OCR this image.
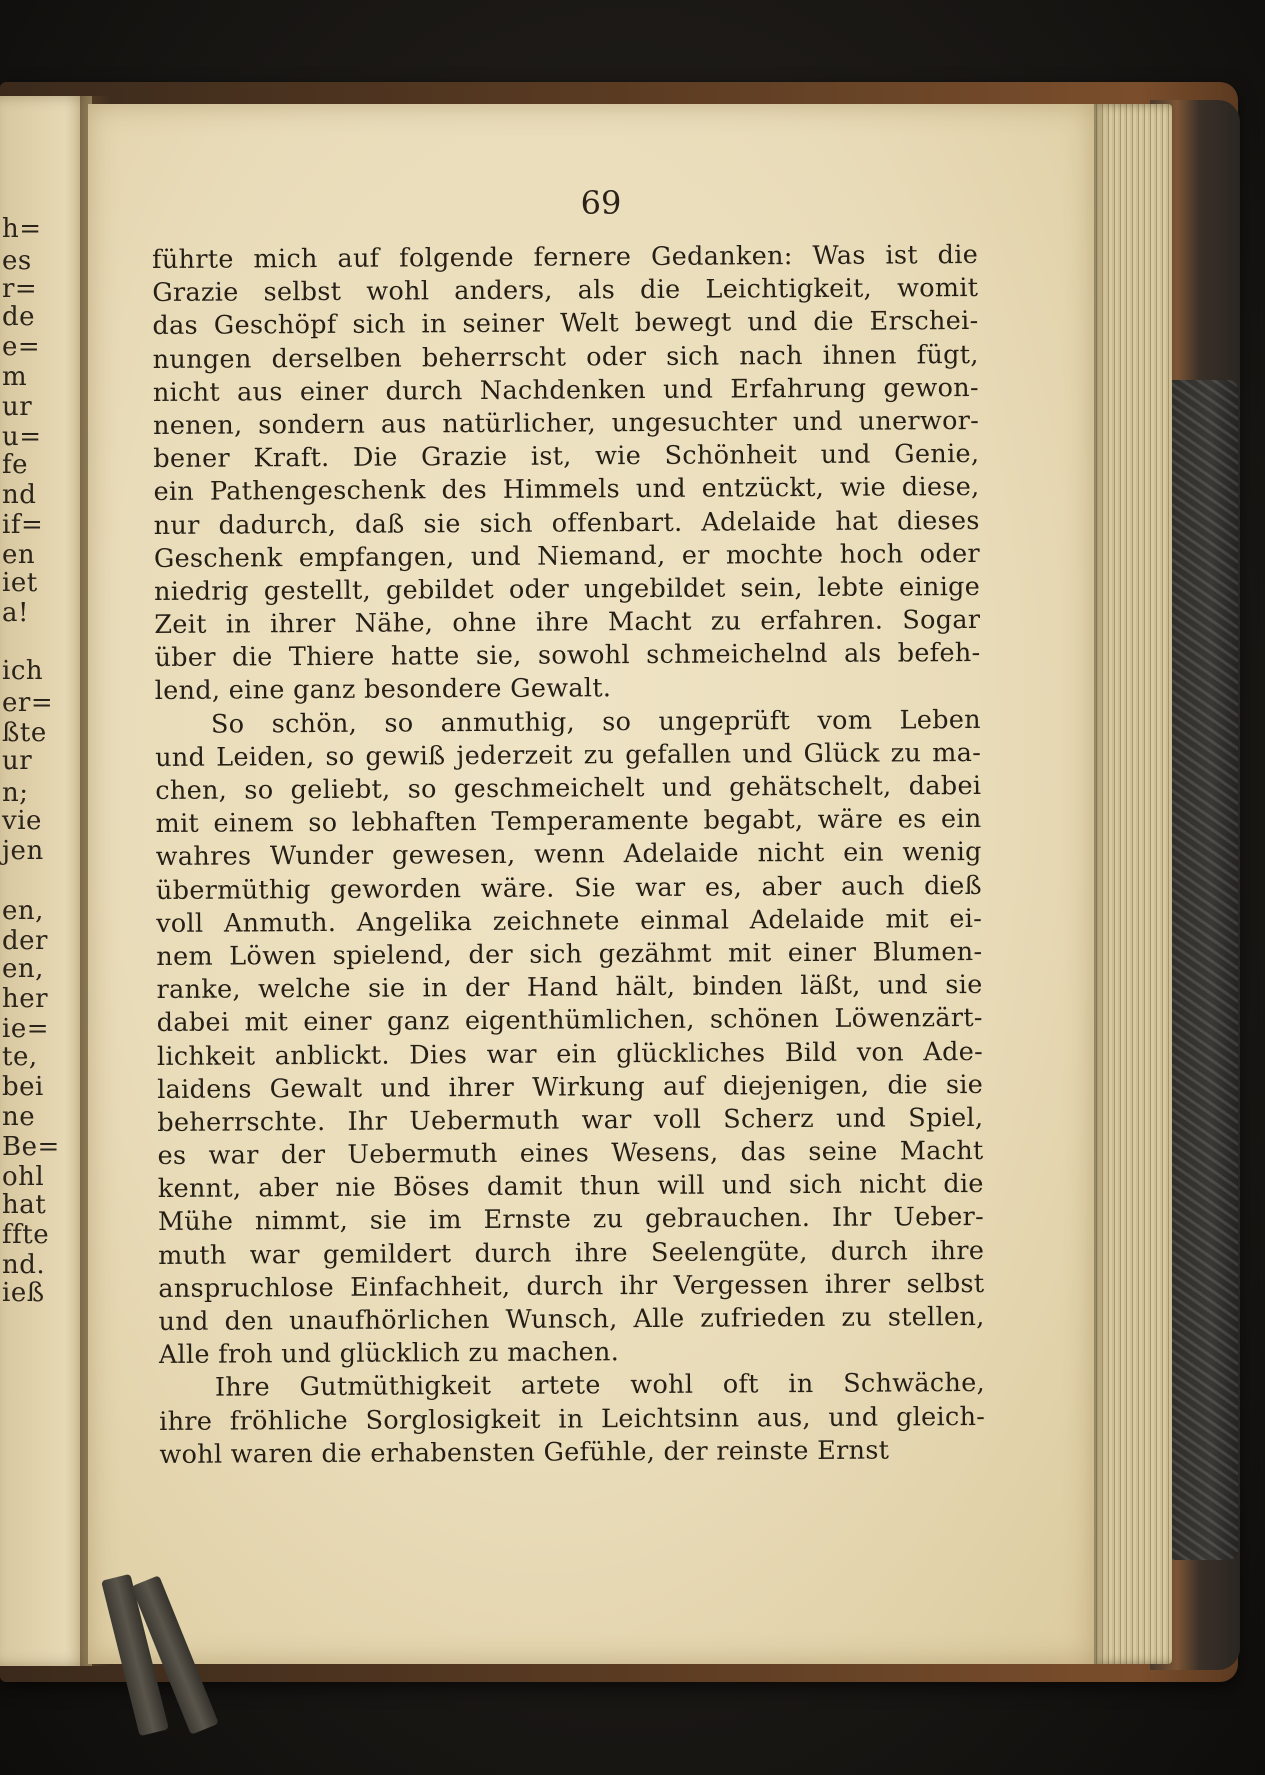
h=
es
r=
de
e=
m
ur
u=
fe
nd
if=
en
iet
a!
ich
er=
ßte
ur
n;
vie
jen
en,
der
en,
her
ie=
te,
bei
ne
Be=
ohl
hat
ffte
nd.
ieß
69
führte mich auf folgende fernere Gedanken: Was ist die
Grazie selbst wohl anders, als die Leichtigkeit, womit
das Geschöpf sich in seiner Welt bewegt und die Erschei-
nungen derselben beherrscht oder sich nach ihnen fügt,
nicht aus einer durch Nachdenken und Erfahrung gewon-
nenen, sondern aus natürlicher, ungesuchter und unerwor-
bener Kraft. Die Grazie ist, wie Schönheit und Genie,
ein Pathengeschenk des Himmels und entzückt, wie diese,
nur dadurch, daß sie sich offenbart. Adelaide hat dieses
Geschenk empfangen, und Niemand, er mochte hoch oder
niedrig gestellt, gebildet oder ungebildet sein, lebte einige
Zeit in ihrer Nähe, ohne ihre Macht zu erfahren. Sogar
über die Thiere hatte sie, sowohl schmeichelnd als befeh-
lend, eine ganz besondere Gewalt.
So schön, so anmuthig, so ungeprüft vom Leben
und Leiden, so gewiß jederzeit zu gefallen und Glück zu ma-
chen, so geliebt, so geschmeichelt und gehätschelt, dabei
mit einem so lebhaften Temperamente begabt, wäre es ein
wahres Wunder gewesen, wenn Adelaide nicht ein wenig
übermüthig geworden wäre. Sie war es, aber auch dieß
voll Anmuth. Angelika zeichnete einmal Adelaide mit ei-
nem Löwen spielend, der sich gezähmt mit einer Blumen-
ranke, welche sie in der Hand hält, binden läßt, und sie
dabei mit einer ganz eigenthümlichen, schönen Löwenzärt-
lichkeit anblickt. Dies war ein glückliches Bild von Ade-
laidens Gewalt und ihrer Wirkung auf diejenigen, die sie
beherrschte. Ihr Uebermuth war voll Scherz und Spiel,
es war der Uebermuth eines Wesens, das seine Macht
kennt, aber nie Böses damit thun will und sich nicht die
Mühe nimmt, sie im Ernste zu gebrauchen. Ihr Ueber-
muth war gemildert durch ihre Seelengüte, durch ihre
anspruchlose Einfachheit, durch ihr Vergessen ihrer selbst
und den unaufhörlichen Wunsch, Alle zufrieden zu stellen,
Alle froh und glücklich zu machen.
Ihre Gutmüthigkeit artete wohl oft in Schwäche,
ihre fröhliche Sorglosigkeit in Leichtsinn aus, und gleich-
wohl waren die erhabensten Gefühle, der reinste Ernst
